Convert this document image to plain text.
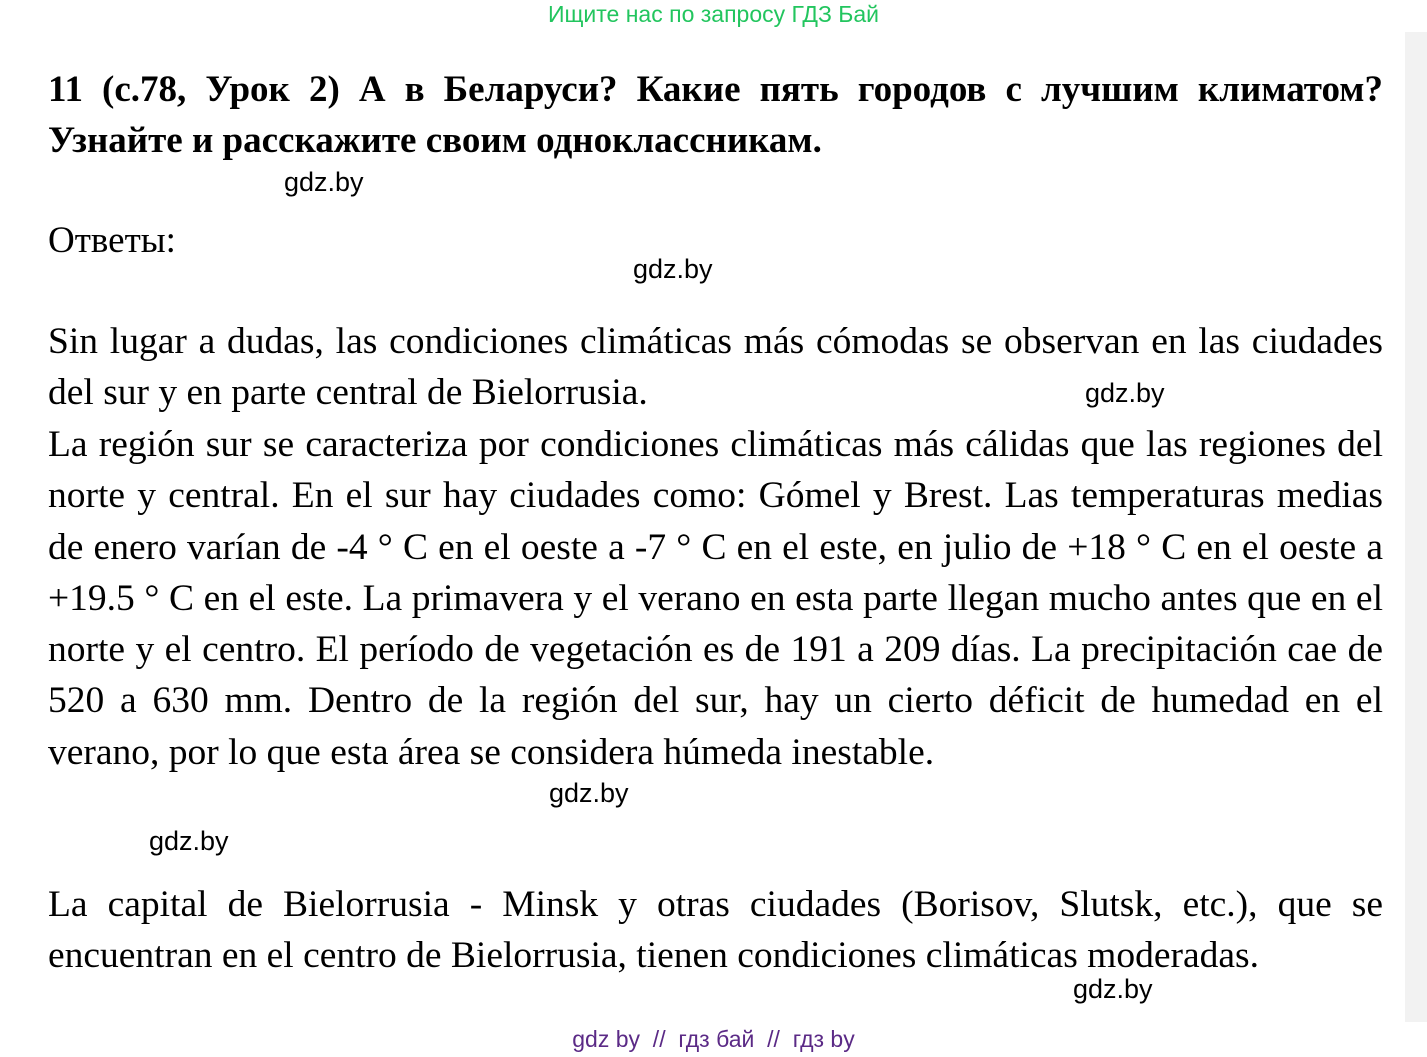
Ищите нас по запросу ГДЗ Бай

11 (с.78, Урок 2) А в Беларуси? Какие пять городов с лучшим климатом? Узнайте и расскажите своим одноклассникам.

Ответы:

Sin lugar a dudas, las condiciones climáticas más cómodas se observan en las ciudades del sur y en parte central de Bielorrusia.

La región sur se caracteriza por condiciones climáticas más cálidas que las regiones del norte y central. En el sur hay ciudades como: Gómel y Brest. Las temperaturas medias de enero varían de -4 ° C en el oeste a -7 ° C en el este, en julio de +18 ° C en el oeste a +19.5 ° C en el este. La primavera y el verano en esta parte llegan mucho antes que en el norte y el centro. El período de vegetación es de 191 a 209 días. La precipitación cae de 520 a 630 mm. Dentro de la región del sur, hay un cierto déficit de humedad en el verano, por lo que esta área se considera húmeda inestable.

La capital de Bielorrusia - Minsk y otras ciudades (Borisov, Slutsk, etc.), que se encuentran en el centro de Bielorrusia, tienen condiciones climáticas moderadas.

gdz.by
gdz.by
gdz.by
gdz.by
gdz.by
gdz.by
gdz by  //  гдз бай  //  гдз by
